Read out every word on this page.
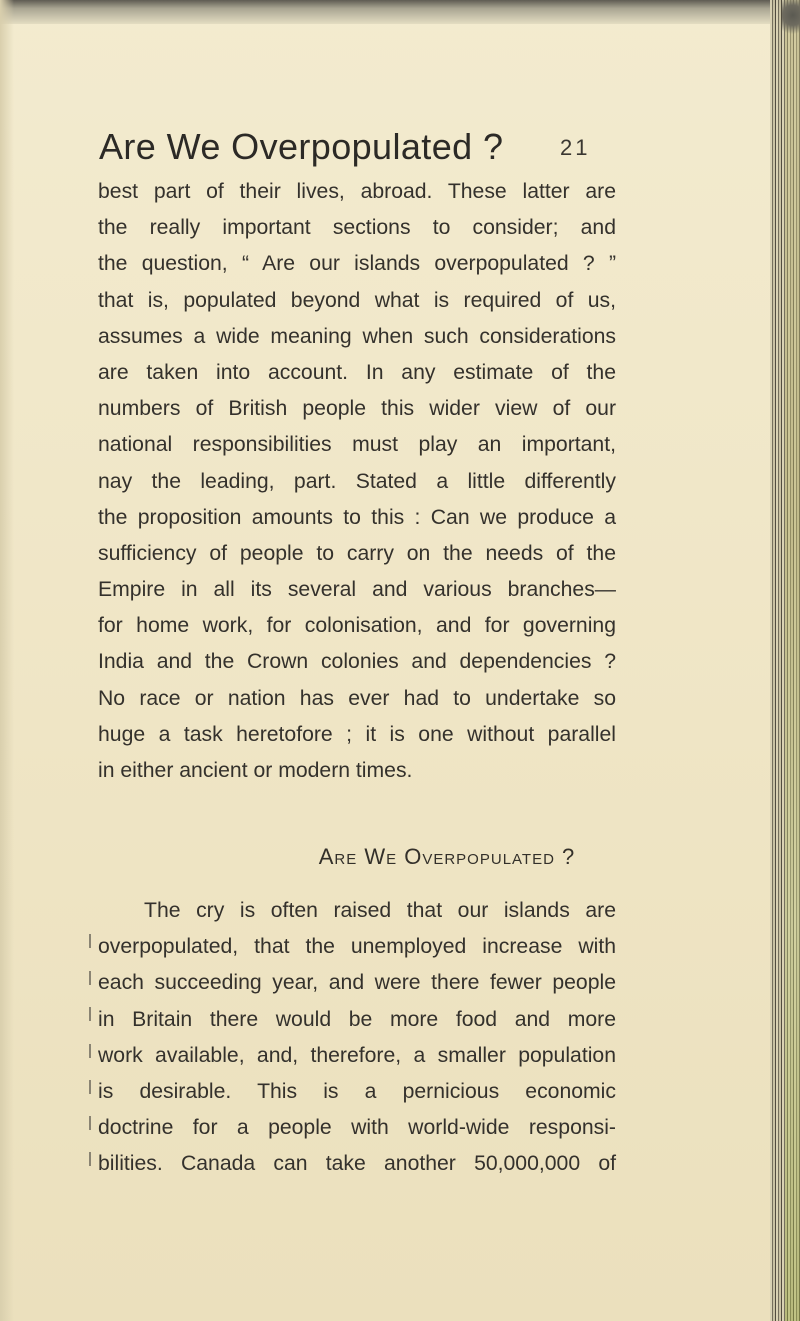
Are We Overpopulated ?	21
best part of their lives, abroad. These latter are
the really important sections to consider; and
the question, “ Are our islands overpopulated ? ”
that is, populated beyond what is required of us,
assumes a wide meaning when such considerations
are taken into account. In any estimate of the
numbers of British people this wider view of our
national responsibilities must play an important,
nay the leading, part. Stated a little differently
the proposition amounts to this : Can we produce a
sufficiency of people to carry on the needs of the
Empire in all its several and various branches—
for home work, for colonisation, and for governing
India and the Crown colonies and dependencies ?
No race or nation has ever had to undertake so
huge a task heretofore ; it is one without parallel
in either ancient or modern times.
Are We Overpopulated ?
The cry is often raised that our islands are
overpopulated, that the unemployed increase with
each succeeding year, and were there fewer people
in Britain there would be more food and more
work available, and, therefore, a smaller population
is desirable. This is a pernicious economic
doctrine for a people with world-wide responsi-
bilities. Canada can take another 50,000,000 of
